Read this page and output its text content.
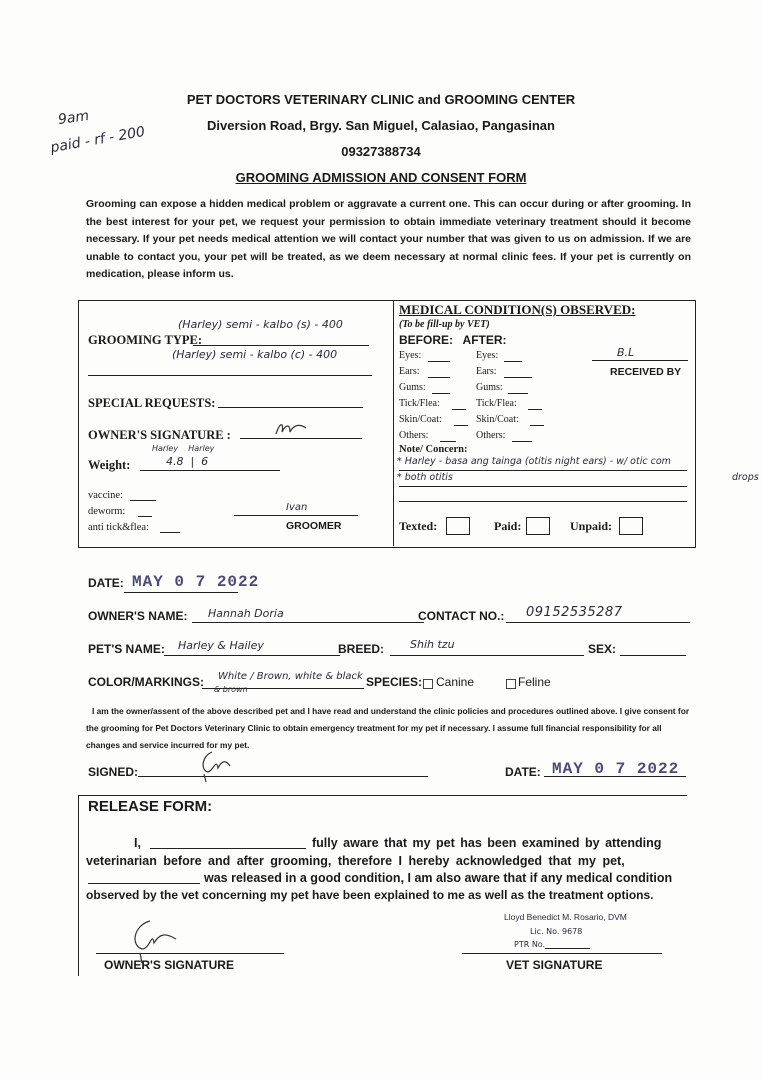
9am
paid - rf - 200
PET DOCTORS VETERINARY CLINIC and GROOMING CENTER
Diversion Road, Brgy. San Miguel, Calasiao, Pangasinan
09327388734
GROOMING ADMISSION AND CONSENT FORM

Grooming can expose a hidden medical problem or aggravate a current one. This can occur during or after grooming. In the best interest for your pet, we request your permission to obtain immediate veterinary treatment should it become necessary. If your pet needs medical attention we will contact your number that was given to us on admission. If we are unable to contact you, your pet will be treated, as we deem necessary at normal clinic fees. If your pet is currently on medication, please inform us.

(Harley) semi - kalbo (s) - 400
GROOMING TYPE:
(Harley) semi - kalbo (c) - 400
SPECIAL REQUESTS:
OWNER'S SIGNATURE :
Harley    Harley
Weight:	4.8  |  6
vaccine:
deworm:
anti tick&flea:
Ivan
GROOMER
MEDICAL CONDITION(S) OBSERVED:
(To be fill-up by VET)
BEFORE:   AFTER:
Eyes:	Eyes:
Ears:	Ears:
Gums:	Gums:
Tick/Flea:	Tick/Flea:
Skin/Coat:	Skin/Coat:
Others:	Others:
B.L
RECEIVED BY
Note/ Concern:
* Harley - basa ang tainga (otitis night ears) - w/ otic com
* both otitis	drops
Texted:	Paid:	Unpaid:
DATE: MAY 0 7 2022
OWNER'S NAME: Hannah Doria	CONTACT NO.: 09152535287
PET'S NAME: Harley & Hailey	BREED: Shih tzu	SEX:
COLOR/MARKINGS: White / Brown, white & black
& brown
SPECIES: Canine	Feline

I am the owner/assent of the above described pet and I have read and understand the clinic policies and procedures outlined above. I give consent for the grooming for Pet Doctors Veterinary Clinic to obtain emergency treatment for my pet if necessary. I assume full financial responsibility for all changes and service incurred for my pet.

SIGNED:	DATE: MAY 0 7 2022
RELEASE FORM:
I,	fully aware that my pet has been examined by attending
veterinarian before and after grooming, therefore I hereby acknowledged that my pet,
was released in a good condition, I am also aware that if any medical condition
observed by the vet concerning my pet have been explained to me as well as the treatment options.
OWNER'S SIGNATURE
Lloyd Benedict M. Rosario, DVM
Lic. No. 9678
PTR No.
VET SIGNATURE
